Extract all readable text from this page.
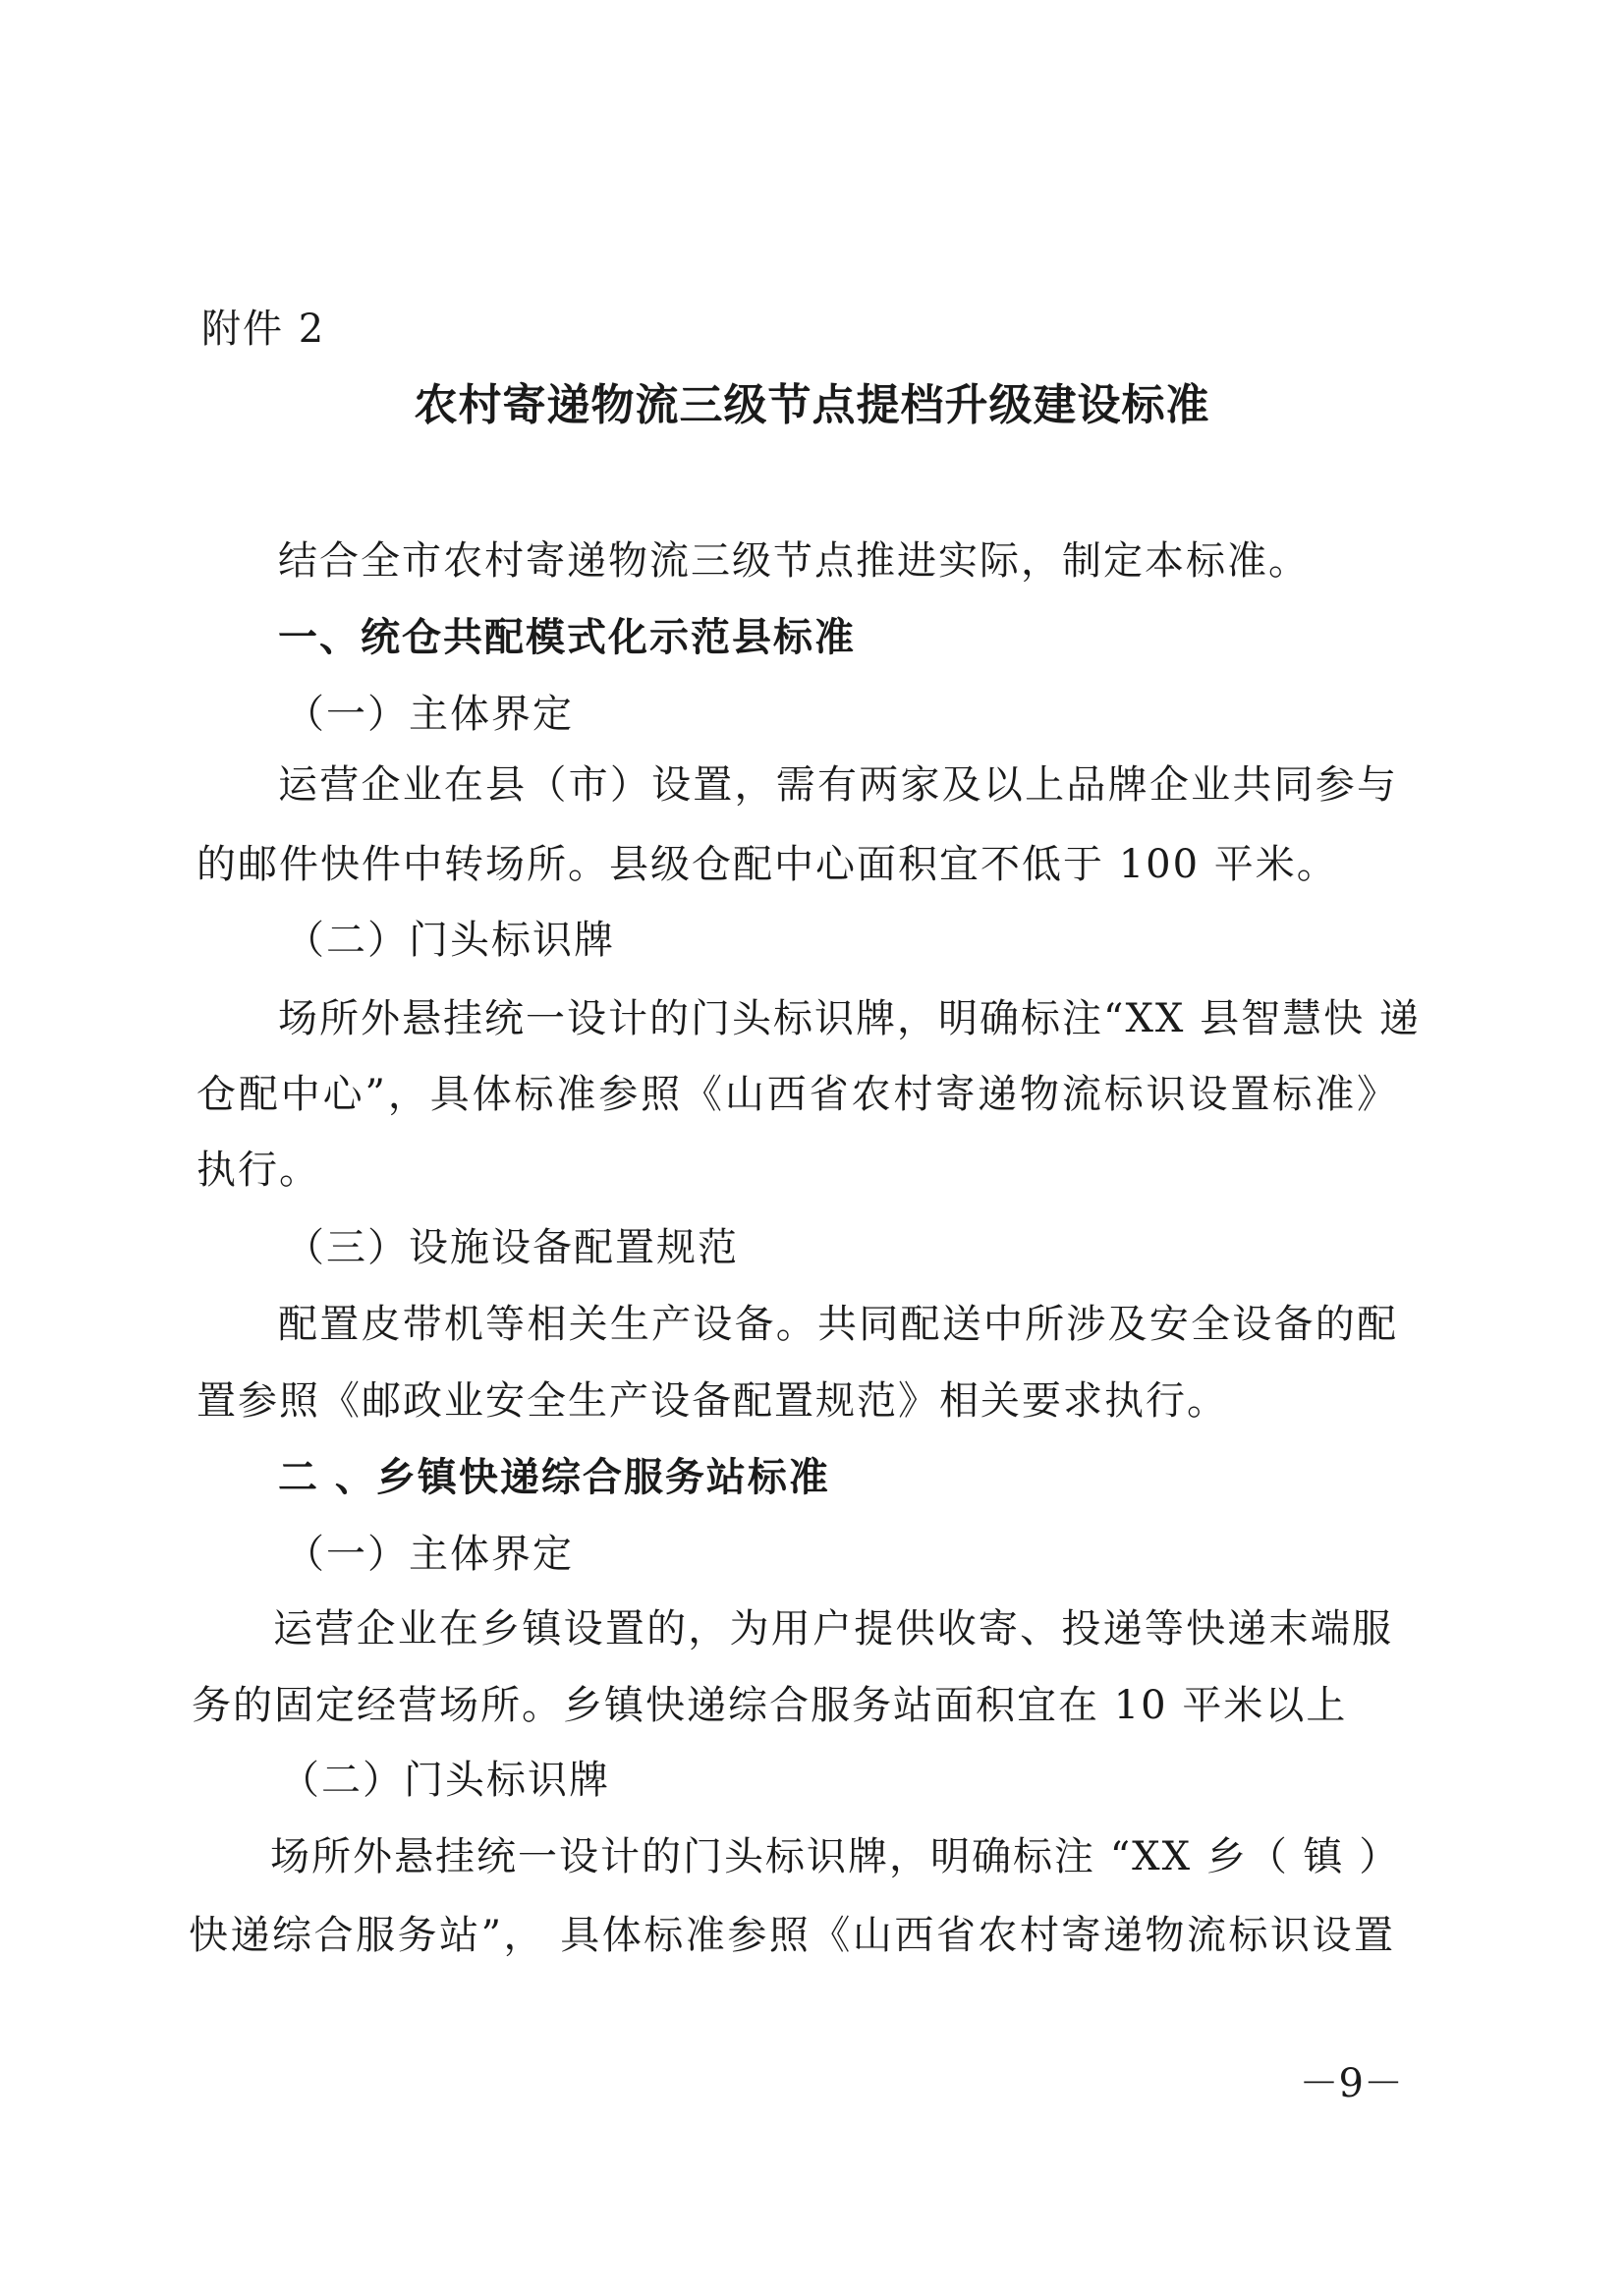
附件 2
农村寄递物流三级节点提档升级建设标准
结合全市农村寄递物流三级节点推进实际，制定本标准。
一、统仓共配模式化示范县标准
（一）主体界定
运营企业在县（市）设置，需有两家及以上品牌企业共同参与
的邮件快件中转场所。县级仓配中心面积宜不低于 100 平米。
（二）门头标识牌
场所外悬挂统一设计的门头标识牌，明确标注“XX 县智慧快 递
仓配中心”，具体标准参照《山西省农村寄递物流标识设置标准》
执行。
（三）设施设备配置规范
配置皮带机等相关生产设备。共同配送中所涉及安全设备的配
置参照《邮政业安全生产设备配置规范》相关要求执行。
二 、乡镇快递综合服务站标准
（一）主体界定
运营企业在乡镇设置的，为用户提供收寄、投递等快递末端服
务的固定经营场所。乡镇快递综合服务站面积宜在 10 平米以上
（二）门头标识牌
场所外悬挂统一设计的门头标识牌，明确标注 “XX 乡（ 镇 ）
快递综合服务站”， 具体标准参照《山西省农村寄递物流标识设置
－9－
